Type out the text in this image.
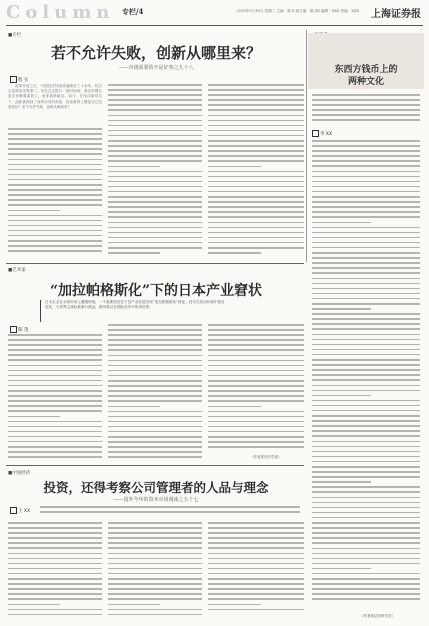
Column 专栏/4	2015年9月16日 星期三 主编：陈 X 副主编：陈 XX 编辑：XXX 美编：XXX 上海证券报
■专栏
若不允许失败，创新从哪里来？
——市场需要的不是好客之九十八
程 实

改革开放之后，中国经济持续高速增长三十余年，经济总量跃居世界第二。但在过去很长一段时间里，我们的增长更多依赖要素投入，而非创新驱动。如今，在经济新常态下，创新被提到了前所未有的高度，但创新的土壤是否已经准备好？若不允许失败，创新从哪里来？

东西方钱币上的
两种文化
李 XX
■艺术家
“加拉帕格斯化”下的日本产业窘状
日本企业在全球市场上遭遇困境，一个重要原因在于其产业发展呈现“加拉帕格斯化”特征。技术在封闭环境中独自进化，与世界主流标准渐行渐远，最终难以在国际竞争中取得优势。
陈 茂
（作者系经济学者）
■中国经济
投资，还得考察公司管理者的人品与理念
——国外今年的资本市场漫谈之五十七
王 XX
（作者系证券研究员）
